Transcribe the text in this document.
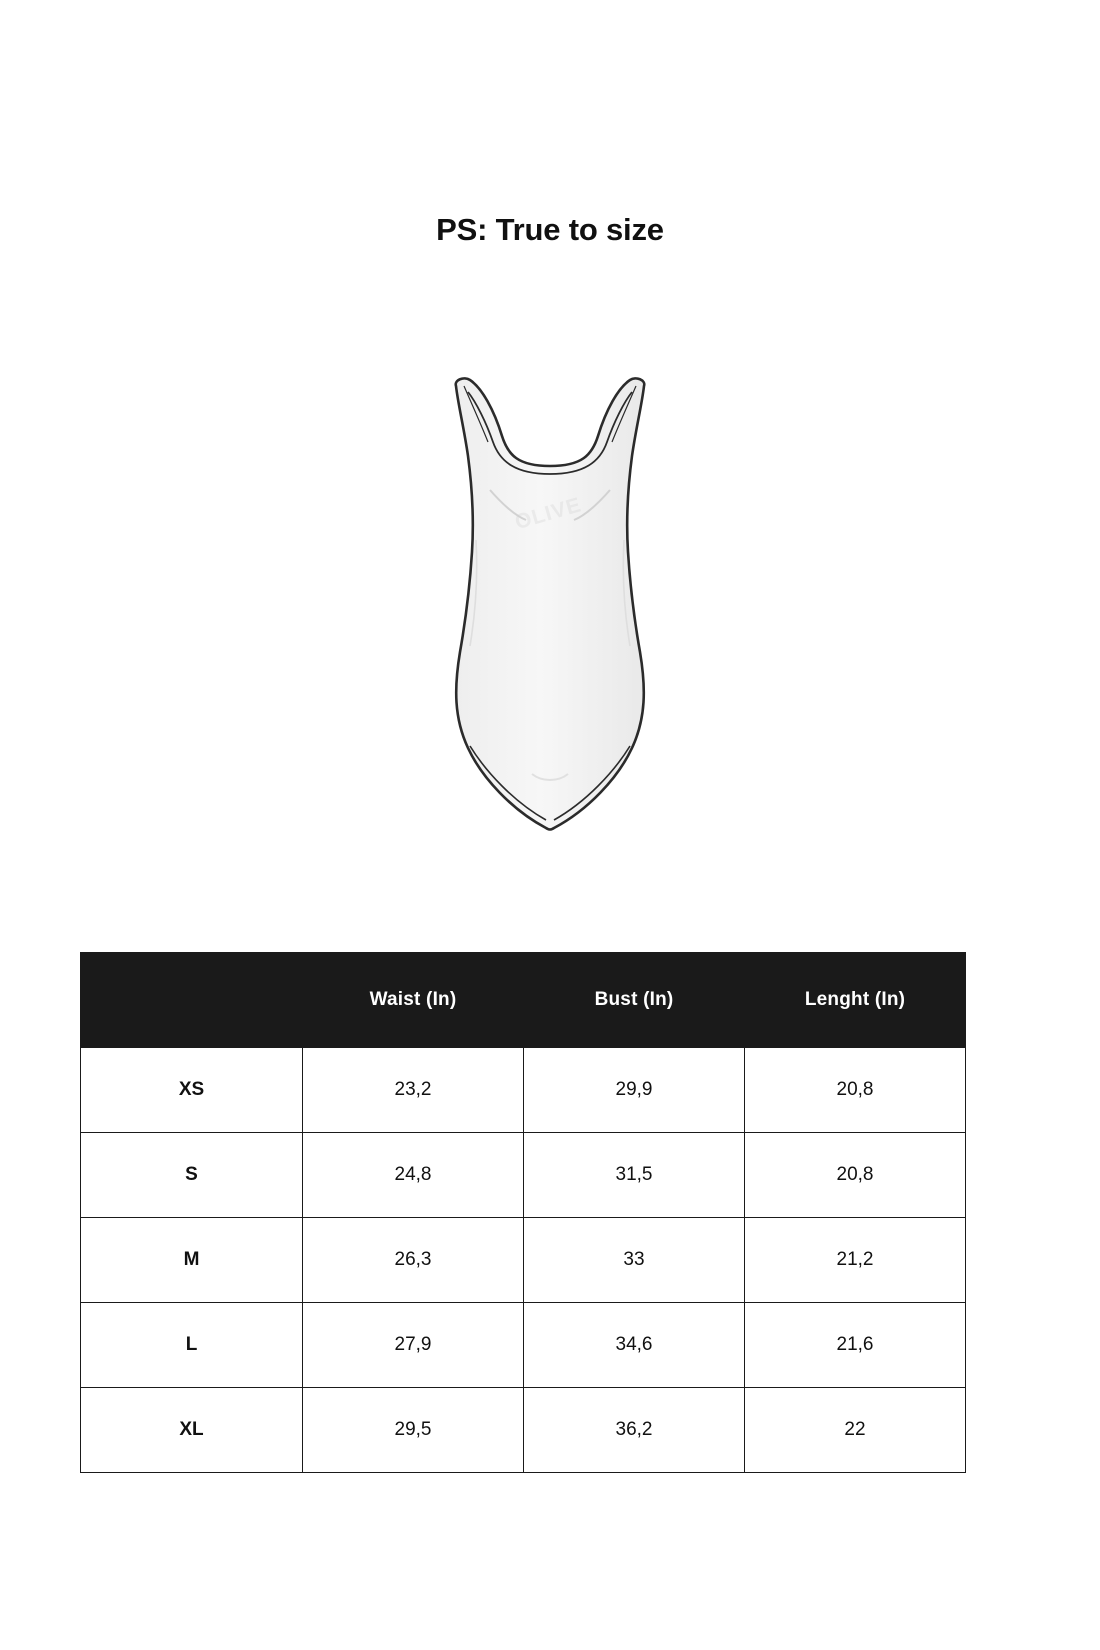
PS: True to size
OLIVE
	Waist (In)	Bust (In)	Lenght (In)
XS	23,2	29,9	20,8
S	24,8	31,5	20,8
M	26,3	33	21,2
L	27,9	34,6	21,6
XL	29,5	36,2	22
